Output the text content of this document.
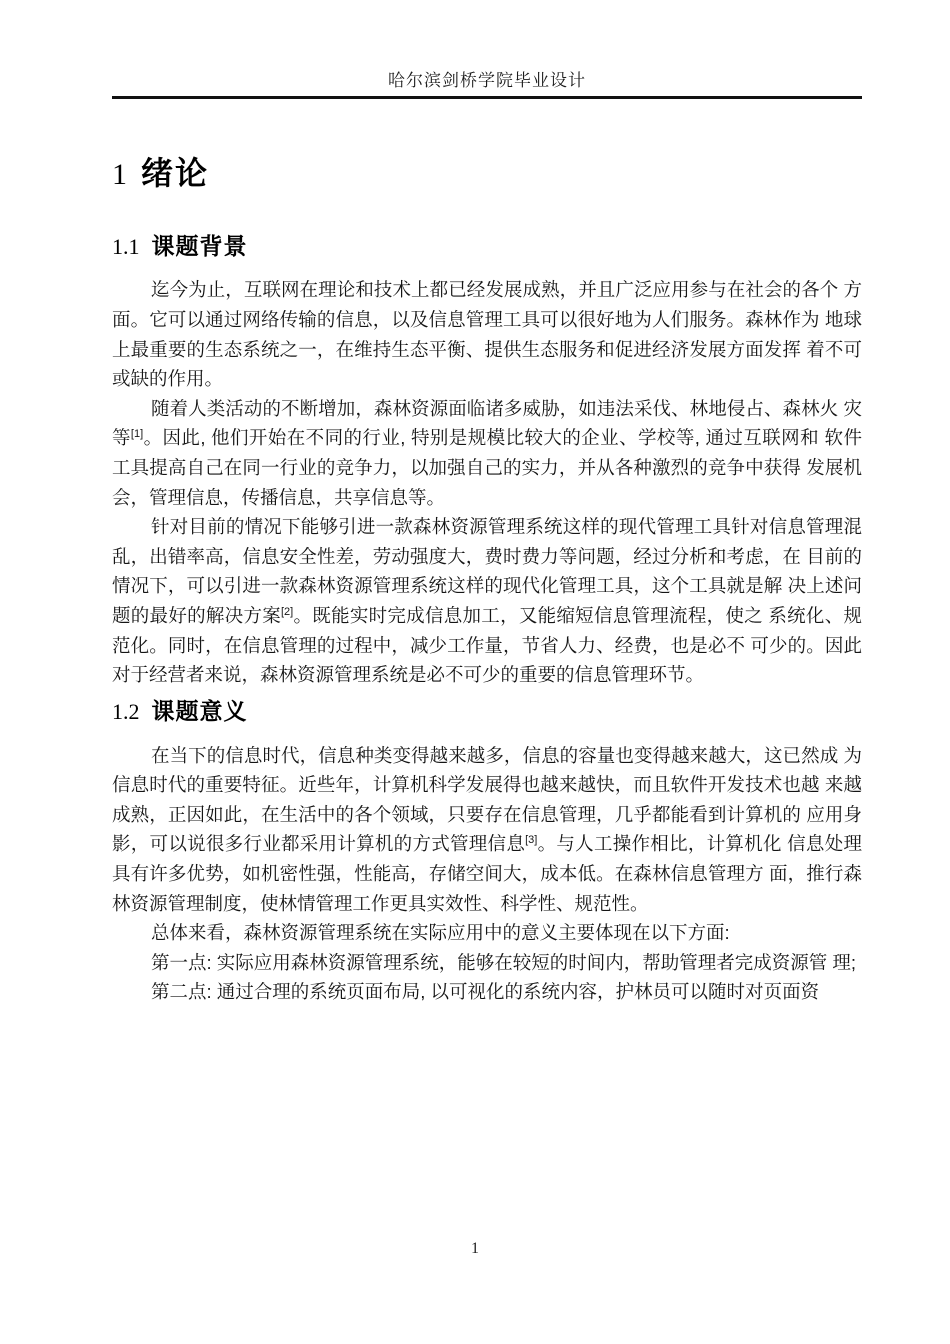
哈尔滨剑桥学院毕业设计
1 绪论
1.1 课题背景

迄今为止，互联网在理论和技术上都已经发展成熟，并且广泛应用参与在社会的各个 方面。它可以通过网络传输的信息，以及信息管理工具可以很好地为人们服务。森林作为 地球上最重要的生态系统之一，在维持生态平衡、提供生态服务和促进经济发展方面发挥 着不可或缺的作用。

随着人类活动的不断增加，森林资源面临诸多威胁，如违法采伐、林地侵占、森林火 灾等[1]。因此, 他们开始在不同的行业, 特别是规模比较大的企业、学校等, 通过互联网和 软件工具提高自己在同一行业的竞争力，以加强自己的实力，并从各种激烈的竞争中获得 发展机会，管理信息，传播信息，共享信息等。

针对目前的情况下能够引进一款森林资源管理系统这样的现代管理工具针对信息管理混乱，出错率高，信息安全性差，劳动强度大，费时费力等问题，经过分析和考虑，在 目前的情况下，可以引进一款森林资源管理系统这样的现代化管理工具，这个工具就是解 决上述问题的最好的解决方案[2]。既能实时完成信息加工，又能缩短信息管理流程，使之 系统化、规范化。同时，在信息管理的过程中，减少工作量，节省人力、经费，也是必不 可少的。因此对于经营者来说，森林资源管理系统是必不可少的重要的信息管理环节。

1.2 课题意义

在当下的信息时代，信息种类变得越来越多，信息的容量也变得越来越大，这已然成 为信息时代的重要特征。近些年，计算机科学发展得也越来越快，而且软件开发技术也越 来越成熟，正因如此，在生活中的各个领域，只要存在信息管理，几乎都能看到计算机的 应用身影，可以说很多行业都采用计算机的方式管理信息[3]。与人工操作相比，计算机化 信息处理具有许多优势，如机密性强，性能高，存储空间大，成本低。在森林信息管理方 面，推行森林资源管理制度，使林情管理工作更具实效性、科学性、规范性。

总体来看，森林资源管理系统在实际应用中的意义主要体现在以下方面:

第一点: 实际应用森林资源管理系统，能够在较短的时间内，帮助管理者完成资源管 理;

第二点: 通过合理的系统页面布局, 以可视化的系统内容，护林员可以随时对页面资

1
